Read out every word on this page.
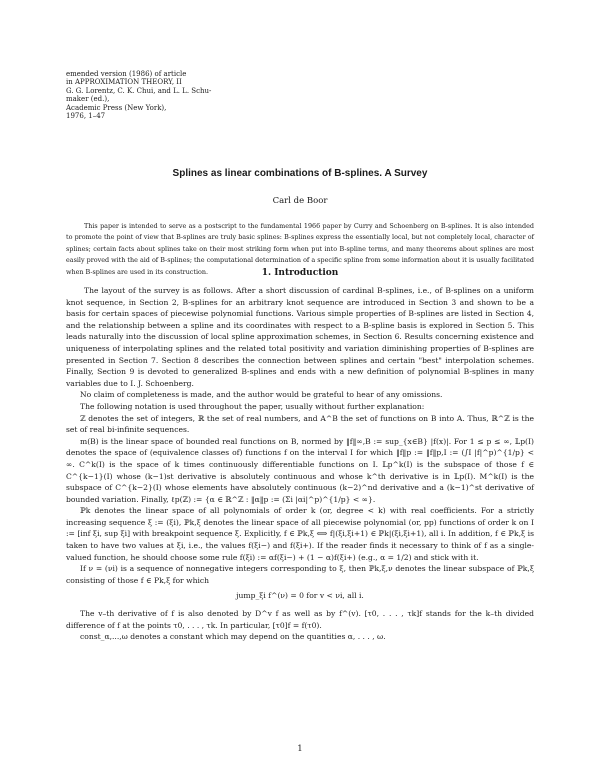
emended version (1986) of article
in APPROXIMATION THEORY, II
G. G. Lorentz, C. K. Chui, and L. L. Schu-
maker (ed.),
Academic Press (New York),
1976, 1–47
Splines as linear combinations of B-splines. A Survey
Carl de Boor

This paper is intended to serve as a postscript to the fundamental 1966 paper by Curry and Schoenberg on B-splines. It is also intended to promote the point of view that B-splines are truly basic splines: B-splines express the essentially local, but not completely local, character of splines; certain facts about splines take on their most striking form when put into B-spline terms, and many theorems about splines are most easily proved with the aid of B-splines; the computational determination of a specific spline from some information about it is usually facilitated when B-splines are used in its construction.	1. Introduction

The layout of the survey is as follows. After a short discussion of cardinal B-splines, i.e., of B-splines on a uniform knot sequence, in Section 2, B-splines for an arbitrary knot sequence are introduced in Section 3 and shown to be a basis for certain spaces of piecewise polynomial functions. Various simple properties of B-splines are listed in Section 4, and the relationship between a spline and its coordinates with respect to a B-spline basis is explored in Section 5. This leads naturally into the discussion of local spline approximation schemes, in Section 6. Results concerning existence and uniqueness of interpolating splines and the related total positivity and variation diminishing properties of B-splines are presented in Section 7. Section 8 describes the connection between splines and certain "best" interpolation schemes. Finally, Section 9 is devoted to generalized B-splines and ends with a new definition of polynomial B-splines in many variables due to I. J. Schoenberg.

No claim of completeness is made, and the author would be grateful to hear of any omissions.

The following notation is used throughout the paper, usually without further explanation:

ℤ denotes the set of integers, ℝ the set of real numbers, and A^B the set of functions on B into A. Thus, ℝ^ℤ is the set of real bi-infinite sequences.

m(B) is the linear space of bounded real functions on B, normed by ‖f‖∞,B := sup_{x∈B} |f(x)|. For 1 ≤ p ≤ ∞, 𝕃p(I) denotes the space of (equivalence classes of) functions f on the interval I for which ‖f‖p := ‖f‖p,I := (∫I |f|^p)^{1/p} < ∞. C^k(I) is the space of k times continuously differentiable functions on I. 𝕃p^k(I) is the subspace of those f ∈ C^{k−1}(I) whose (k−1)st derivative is absolutely continuous and whose k^th derivative is in 𝕃p(I). M^k(I) is the subspace of C^{k−2}(I) whose elements have absolutely continuous (k−2)^nd derivative and a (k−1)^st derivative of bounded variation. Finally, ℓp(ℤ) := {α ∈ ℝ^ℤ : ‖α‖p := (Σi |αi|^p)^{1/p} < ∞}.

ℙk denotes the linear space of all polynomials of order k (or, degree < k) with real coefficients. For a strictly increasing sequence ξ := (ξi), ℙk,ξ denotes the linear space of all piecewise polynomial (or, pp) functions of order k on I := [inf ξi, sup ξi] with breakpoint sequence ξ. Explicitly, f ∈ ℙk,ξ ⟺ f|(ξi,ξi+1) ∈ ℙk|(ξi,ξi+1), all i. In addition, f ∈ ℙk,ξ is taken to have two values at ξi, i.e., the values f(ξi−) and f(ξi+). If the reader finds it necessary to think of f as a single-valued function, he should choose some rule f(ξi) := αf(ξi−) + (1 − α)f(ξi+) (e.g., α = 1/2) and stick with it.

If ν = (νi) is a sequence of nonnegative integers corresponding to ξ, then ℙk,ξ,ν denotes the linear subspace of ℙk,ξ consisting of those f ∈ Pk,ξ for which

jump_ξi f^(ν) = 0 for v < νi, all i.

The v–th derivative of f is also denoted by D^v f as well as by f^(v). [τ0, . . . , τk]f stands for the k–th divided difference of f at the points τ0, . . . , τk. In particular, [τ0]f = f(τ0).

const_α,...,ω denotes a constant which may depend on the quantities α, . . . , ω.

1
